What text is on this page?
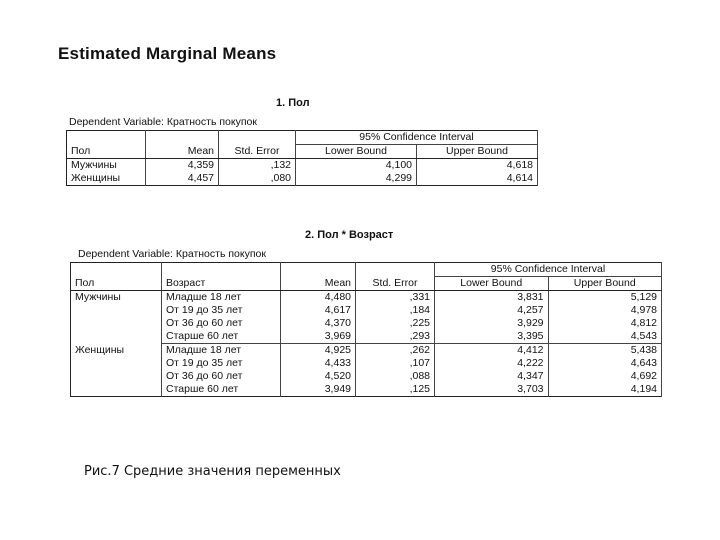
Estimated Marginal Means
1. Пол
Dependent Variable: Кратность покупок
			95% Confidence Interval	
Пол	Mean	Std. Error	Lower Bound	Upper Bound
Мужчины	4,359	,132	4,100	4,618
Женщины	4,457	,080	4,299	4,614
2. Пол * Возраст
Dependent Variable: Кратность покупок
				95% Confidence Interval	
Пол	Возраст	Mean	Std. Error	Lower Bound	Upper Bound
Мужчины	Младше 18 лет	4,480	,331	3,831	5,129
	От 19 до 35 лет	4,617	,184	4,257	4,978
	От 36 до 60 лет	4,370	,225	3,929	4,812
	Старше 60 лет	3,969	,293	3,395	4,543
Женщины	Младше 18 лет	4,925	,262	4,412	5,438
	От 19 до 35 лет	4,433	,107	4,222	4,643
	От 36 до 60 лет	4,520	,088	4,347	4,692
	Старше 60 лет	3,949	,125	3,703	4,194
Рис.7 Средние значения переменных
